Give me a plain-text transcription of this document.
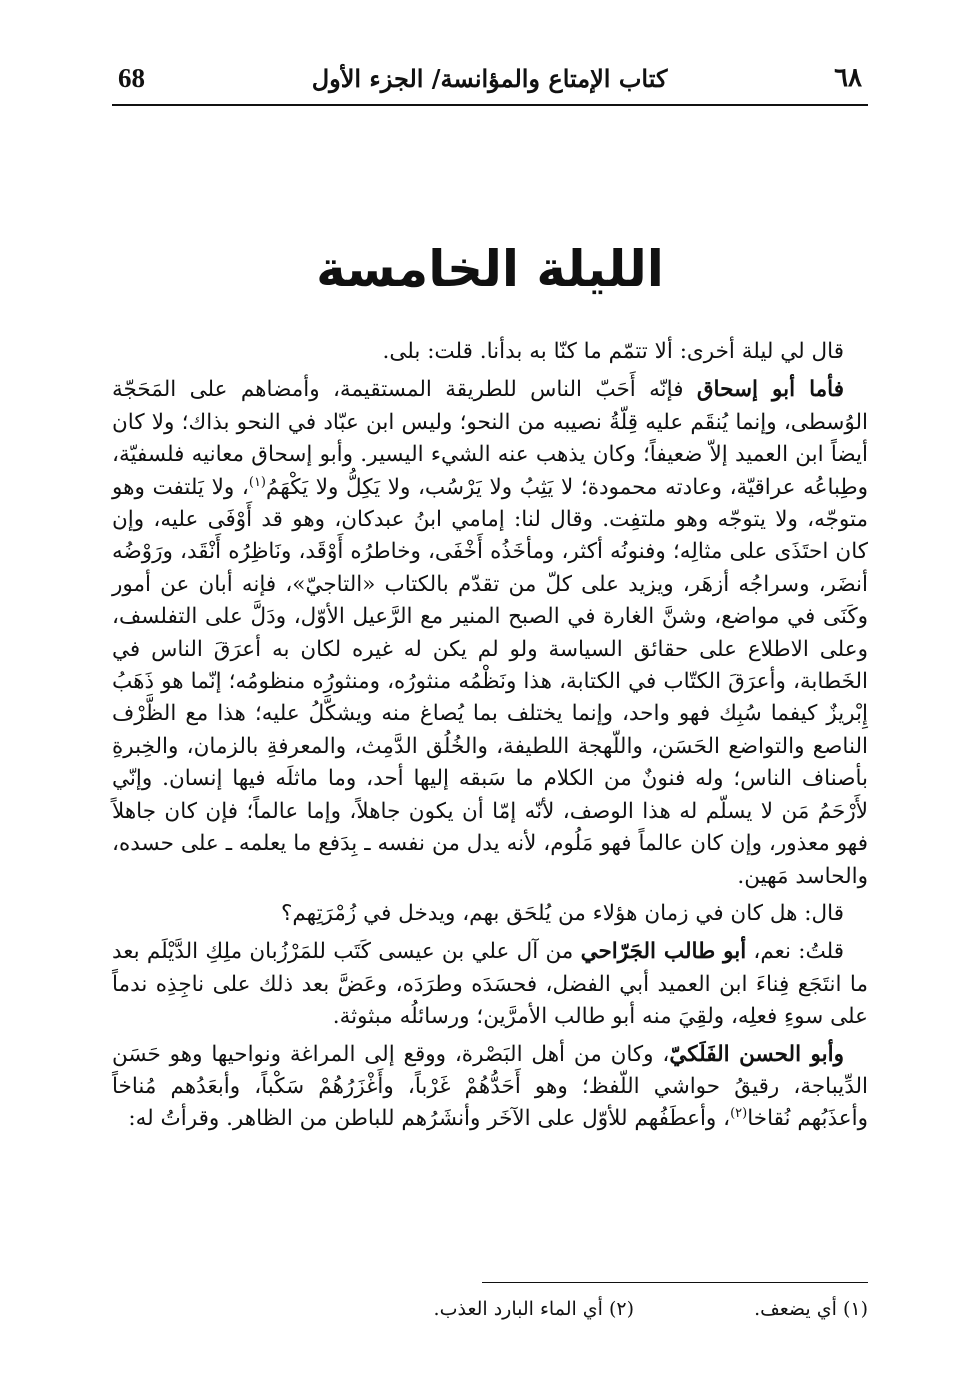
٦٨
كتاب الإمتاع والمؤانسة/ الجزء الأول
68
الليلة الخامسة

قال لي ليلة أخرى: ألا تتمّم ما كنّا به بدأنا. قلت: بلى.

فأما أبو إسحاق فإنّه أَحَبّ الناس للطريقة المستقيمة، وأمضاهم على المَحَجّة الوُسطى، وإنما يُنقَم عليه قِلّةُ نصيبه من النحو؛ وليس ابن عبّاد في النحو بذاك؛ ولا كان أيضاً ابن العميد إلاّ ضعيفاً؛ وكان يذهب عنه الشيء اليسير. وأبو إسحاق معانيه فلسفيّة، وطِباعُه عراقيّة، وعادته محمودة؛ لا يَثِبُ ولا يَرْسُب، ولا يَكِلُّ ولا يَكْهَمُ$^{(١)}$، ولا يَلتفت وهو متوجّه، ولا يتوجّه وهو ملتفِت. وقال لنا: إمامي ابنُ عبدكان، وهو قد أَوْفَى عليه، وإن كان احتَذَى على مثالِه؛ وفنونُه أكثر، ومأخَذُه أَخْفَى، وخاطرُه أَوْقَد، ونَاظِرُه أَنْقَد، ورَوْضُه أنضَر، وسراجُه أزهَر، ويزيد على كلّ من تقدّم بالكتاب «التاجيّ»، فإنه أبان عن أمور وكَنَى في مواضع، وشنَّ الغارة في الصبح المنير مع الرَّعيل الأوّل، ودَلَّ على التفلسف، وعلى الاطلاع على حقائق السياسة ولو لم يكن له غيره لكان به أعرَقَ الناس في الخَطابة، وأعرَقَ الكتّاب في الكتابة، هذا ونَظْمُه منثورُه، ومنثورُه منظومُه؛ إنّما هو ذَهَبُ إِبْريزٌ كيفما سُبِك فهو واحد، وإنما يختلف بما يُصاغ منه ويشكَّلُ عليه؛ هذا مع الظَّرْف الناصع والتواضع الحَسَن، واللّهجة اللطيفة، والخُلُق الدَّمِث، والمعرفةِ بالزمان، والخِبرةِ بأصناف الناس؛ وله فنونٌ من الكلام ما سَبقه إليها أحد، وما ماثلَه فيها إنسان. وإنّي لأَرْحَمُ مَن لا يسلّم له هذا الوصف، لأنّه إمّا أن يكون جاهلاً، وإما عالماً؛ فإن كان جاهلاً فهو معذور، وإن كان عالماً فهو مَلُوم، لأنه يدل من نفسه ـ بِدَفع ما يعلمه ـ على حسده، والحاسد مَهين.

قال: هل كان في زمان هؤلاء من يُلحَق بهم، ويدخل في زُمْرَتِهم؟

قلتُ: نعم، أبو طالب الجَرّاحي من آل علي بن عيسى كَتَب للمَرْزُبان ملِكِ الدَّيْلَم بعد ما انتَجَع فِناءَ ابن العميد أبي الفضل، فحسَدَه وطرَدَه، وعَضَّ بعد ذلك على ناجِذِه ندماً على سوءِ فعلِه، ولقِيَ منه أبو طالب الأمرَّين؛ ورسائلُه مبثوثة.

وأبو الحسن الفَلَكيّ، وكان من أهل البَصْرة، ووقع إلى المراغة ونواحيها وهو حَسَن الدِّيباجة، رقيقُ حواشي اللّفظ؛ وهو أَحَدُّهُمْ غَرْباً، وأَغْزَرُهُمْ سَكْباً، وأبعَدُهم مُناخاً وأعذَبُهم نُقاخا$^{(٢)}$، وأعطَفُهم للأوّل على الآخَر وأنشَرُهم للباطن من الظاهر. وقرأتُ له:

(١) أي يضعف.
(٢) أي الماء البارد العذب.
